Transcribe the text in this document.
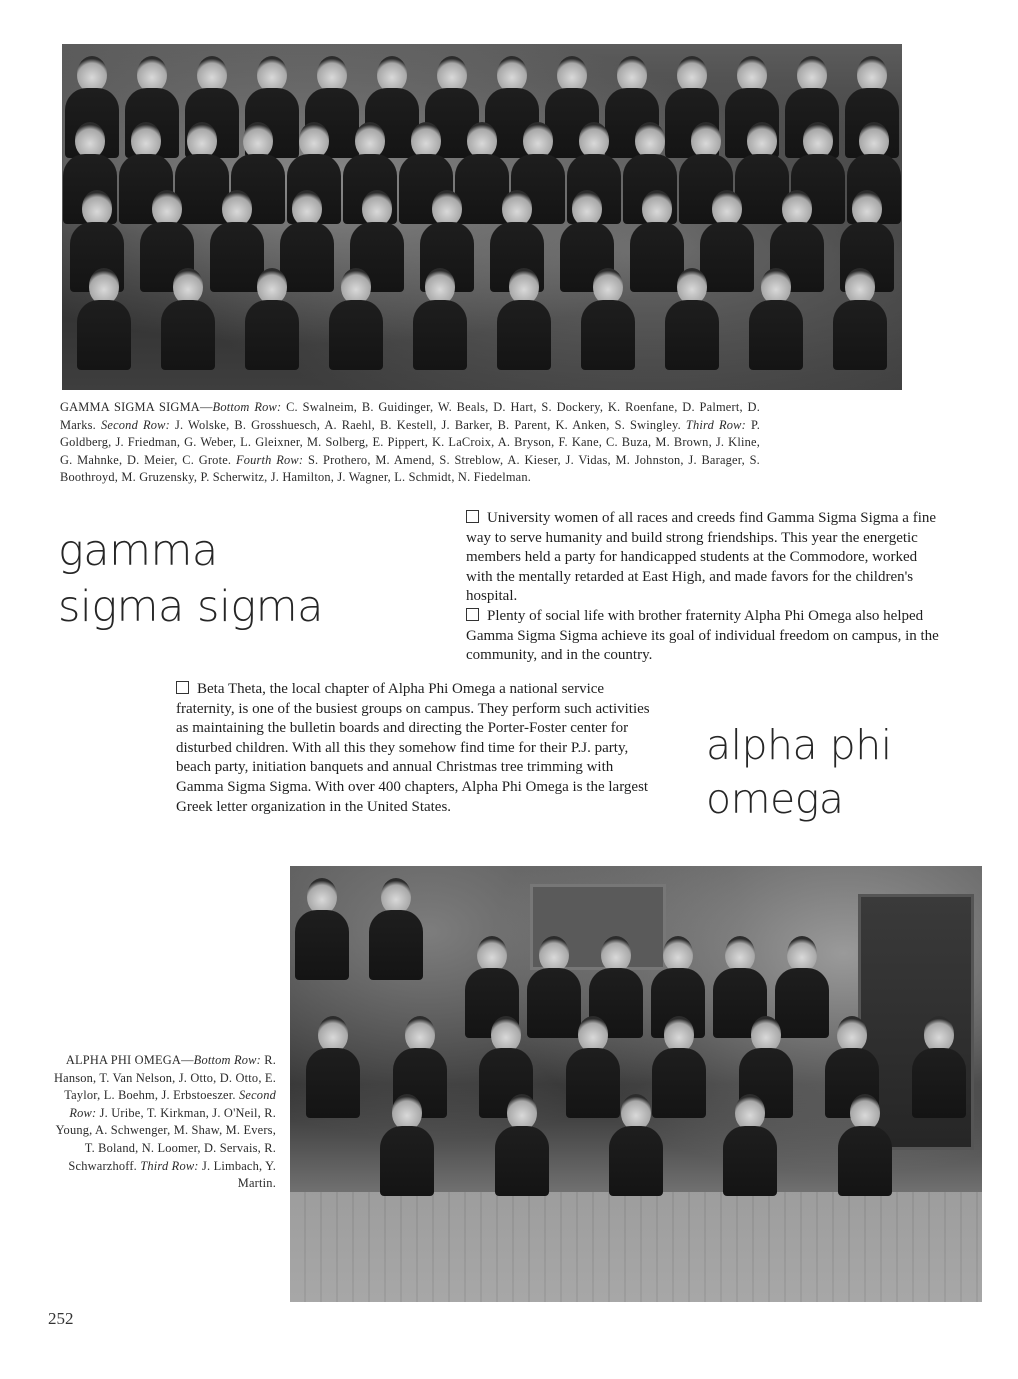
GAMMA SIGMA SIGMA—Bottom Row: C. Swalneim, B. Guidinger, W. Beals, D. Hart, S. Dockery, K. Roenfane, D. Palmert, D. Marks. Second Row: J. Wolske, B. Grosshuesch, A. Raehl, B. Kestell, J. Barker, B. Parent, K. Anken, S. Swingley. Third Row: P. Goldberg, J. Friedman, G. Weber, L. Gleixner, M. Solberg, E. Pippert, K. LaCroix, A. Bryson, F. Kane, C. Buza, M. Brown, J. Kline, G. Mahnke, D. Meier, C. Grote. Fourth Row: S. Prothero, M. Amend, S. Streblow, A. Kieser, J. Vidas, M. Johnston, J. Barager, S. Boothroyd, M. Gruzensky, P. Scherwitz, J. Hamilton, J. Wagner, L. Schmidt, N. Fiedelman.

gamma
sigma sigma

University women of all races and creeds find Gamma Sigma Sigma a fine way to serve humanity and build strong friendships. This year the energetic members held a party for handicapped students at the Commodore, worked with the mentally retarded at East High, and made favors for the children's hospital.

Plenty of social life with brother fraternity Alpha Phi Omega also helped Gamma Sigma Sigma achieve its goal of individual freedom on campus, in the community, and in the country.

Beta Theta, the local chapter of Alpha Phi Omega a national service fraternity, is one of the busiest groups on campus. They perform such activities as maintaining the bulletin boards and directing the Porter-Foster center for disturbed children. With all this they somehow find time for their P.J. party, beach party, initiation banquets and annual Christmas tree trimming with Gamma Sigma Sigma. With over 400 chapters, Alpha Phi Omega is the largest Greek letter organization in the United States.

alpha phi
omega

ALPHA PHI OMEGA—Bottom Row: R. Hanson, T. Van Nelson, J. Otto, D. Otto, E. Taylor, L. Boehm, J. Erbstoeszer. Second Row: J. Uribe, T. Kirkman, J. O'Neil, R. Young, A. Schwenger, M. Shaw, M. Evers, T. Boland, N. Loomer, D. Servais, R. Schwarzhoff. Third Row: J. Limbach, Y. Martin.

252
